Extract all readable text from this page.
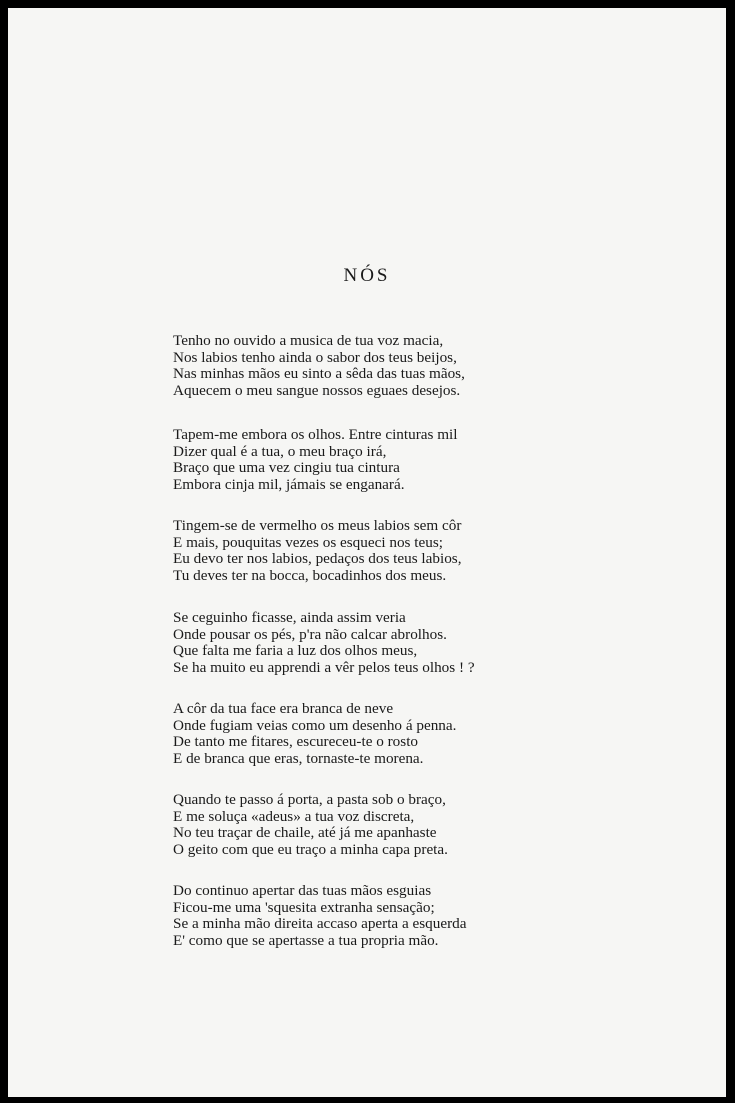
NÓS
Tenho no ouvido a musica de tua voz macia,
Nos labios tenho ainda o sabor dos teus beijos,
Nas minhas mãos eu sinto a sêda das tuas mãos,
Aquecem o meu sangue nossos eguaes desejos.
Tapem-me embora os olhos. Entre cinturas mil
Dizer qual é a tua, o meu braço irá,
Braço que uma vez cingiu tua cintura
Embora cinja mil, jámais se enganará.
Tingem-se de vermelho os meus labios sem côr
E mais, pouquitas vezes os esqueci nos teus;
Eu devo ter nos labios, pedaços dos teus labios,
Tu deves ter na bocca, bocadinhos dos meus.
Se ceguinho ficasse, ainda assim veria
Onde pousar os pés, p'ra não calcar abrolhos.
Que falta me faria a luz dos olhos meus,
Se ha muito eu apprendi a vêr pelos teus olhos ! ?
A côr da tua face era branca de neve
Onde fugiam veias como um desenho á penna.
De tanto me fitares, escureceu-te o rosto
E de branca que eras, tornaste-te morena.
Quando te passo á porta, a pasta sob o braço,
E me soluça «adeus» a tua voz discreta,
No teu traçar de chaile, até já me apanhaste
O geito com que eu traço a minha capa preta.
Do continuo apertar das tuas mãos esguias
Ficou-me uma 'squesita extranha sensação;
Se a minha mão direita accaso aperta a esquerda
E' como que se apertasse a tua propria mão.
